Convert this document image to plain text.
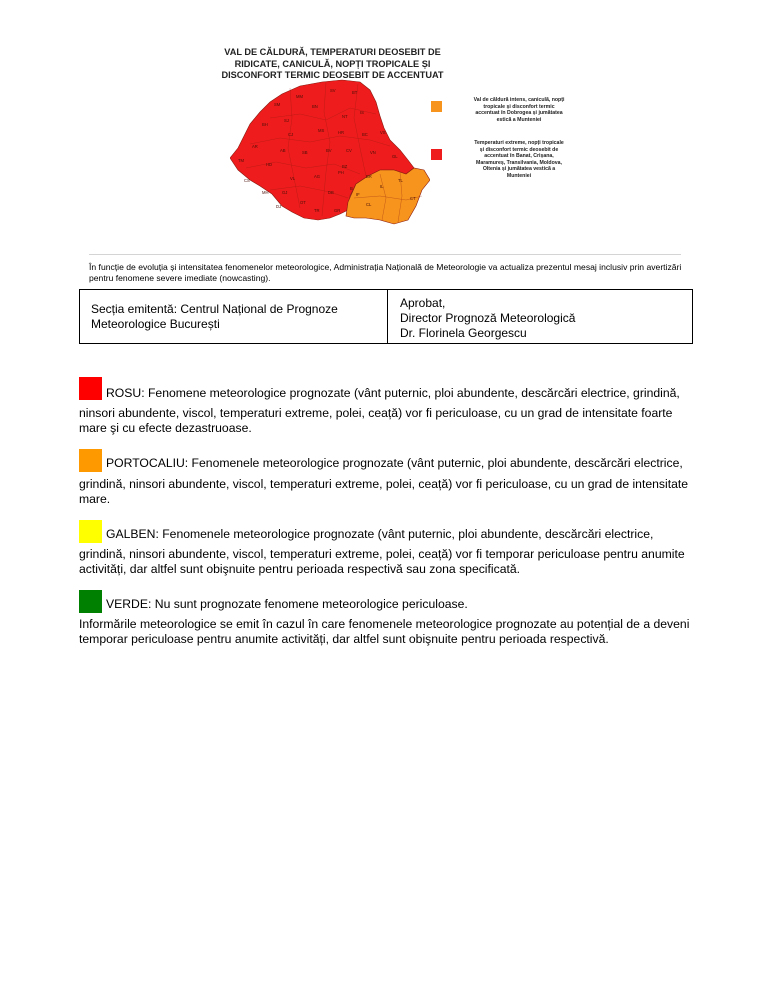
VAL DE CĂLDURĂ, TEMPERATURI DEOSEBIT DE
RIDICATE, CANICULĂ, NOPȚI TROPICALE ȘI
DISCONFORT TERMIC DEOSEBIT DE ACCENTUAT
SM
MM
SV	BT
BH
SJ
BN
IS
CJ
NT
AR
MS	HR	BC	VS
AB
TM
HD
SB	BV	CV	VN
GL
CS	VL	AG
BZ
BR
TL
MH	GJ
OT
DB
PH
IL
CT
DJ
TR	GR
CL
B
IF
Val de căldură intens, caniculă, nopți
tropicale și disconfort termic
accentuat în Dobrogea și jumătatea
estică a Munteniei
Temperaturi extreme, nopți tropicale
și disconfort termic deosebit de
accentuat în Banat, Crișana,
Maramureș, Transilvania, Moldova,
Oltenia și jumătatea vestică a
Munteniei
În funcție de evoluția și intensitatea fenomenelor meteorologice, Administrația Națională de Meteorologie va actualiza prezentul mesaj inclusiv prin avertizări pentru fenomene severe imediate (nowcasting).
Secția emitentă: Centrul Național de Prognoze
Meteorologice București
Aprobat,
Director Prognoză Meteorologică
Dr. Florinela Georgescu
ROSU: Fenomene meteorologice prognozate (vânt puternic, ploi abundente, descărcări electrice, grindină,
ninsori abundente, viscol, temperaturi extreme, polei, ceață) vor fi periculoase, cu un grad de intensitate foarte mare şi cu efecte dezastruoase.
PORTOCALIU: Fenomenele meteorologice prognozate (vânt puternic, ploi abundente, descărcări electrice,
grindină, ninsori abundente, viscol, temperaturi extreme, polei, ceață) vor fi periculoase, cu un grad de intensitate mare.
GALBEN: Fenomenele meteorologice prognozate (vânt puternic, ploi abundente, descărcări electrice,
grindină, ninsori abundente, viscol, temperaturi extreme, polei, ceață) vor fi temporar periculoase pentru anumite activități, dar altfel sunt obişnuite pentru perioada respectivă sau zona specificată.
VERDE: Nu sunt prognozate fenomene meteorologice periculoase.
Informările meteorologice se emit în cazul în care fenomenele meteorologice prognozate au potențial de a deveni temporar periculoase pentru anumite activități, dar altfel sunt obişnuite pentru perioada respectivă.
